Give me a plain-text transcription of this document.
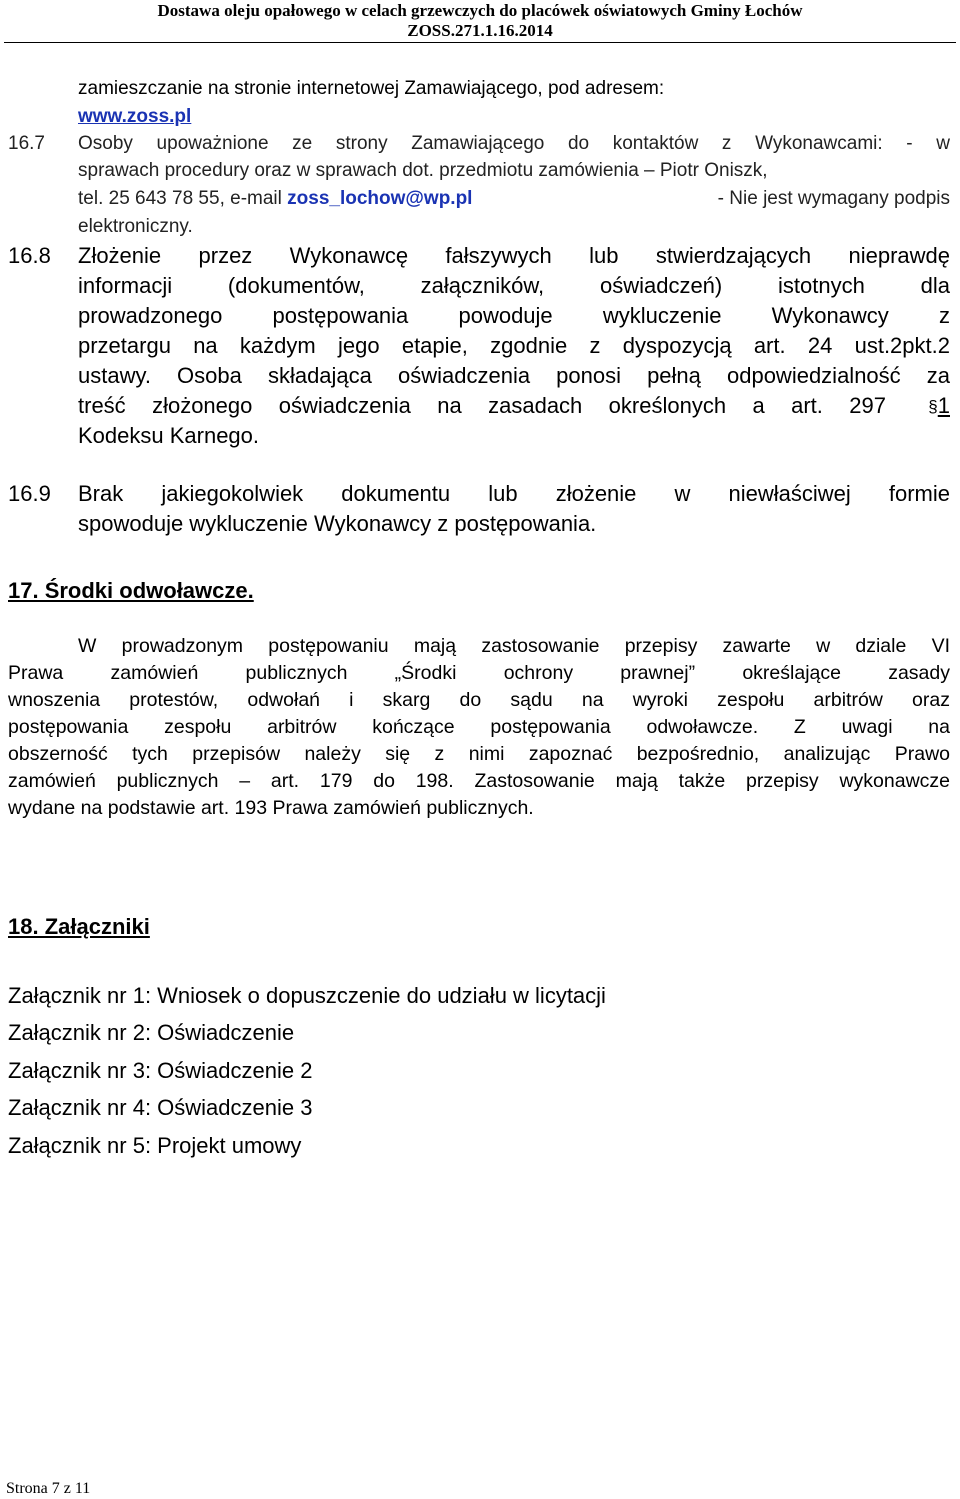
Dostawa oleju opałowego w celach grzewczych do placówek oświatowych Gminy Łochów
ZOSS.271.1.16.2014
zamieszczanie na stronie internetowej Zamawiającego, pod adresem:
www.zoss.pl
16.7 Osoby upoważnione ze strony Zamawiającego do kontaktów z Wykonawcami: - w
sprawach procedury oraz w sprawach dot. przedmiotu zamówienia – Piotr Oniszk,
tel. 25 643 78 55, e-mail zoss_lochow@wp.pl	- Nie jest wymagany podpis
elektroniczny.
16.8 Złożenie przez Wykonawcę fałszywych lub stwierdzających nieprawdę
informacji (dokumentów, załączników, oświadczeń) istotnych dla
prowadzonego postępowania powoduje wykluczenie Wykonawcy z
przetargu na każdym jego etapie, zgodnie z dyspozycją art. 24 ust.2pkt.2
ustawy. Osoba składająca oświadczenia ponosi pełną odpowiedzialność za
treść złożonego oświadczenia na zasadach określonych a art. 297 §1
Kodeksu Karnego.
16.9 Brak jakiegokolwiek dokumentu lub złożenie w niewłaściwej formie
spowoduje wykluczenie Wykonawcy z postępowania.
17. Środki odwoławcze.
W prowadzonym postępowaniu mają zastosowanie przepisy zawarte w dziale VI
Prawa zamówień publicznych „Środki ochrony prawnej” określające zasady
wnoszenia protestów, odwołań i skarg do sądu na wyroki zespołu arbitrów oraz
postępowania zespołu arbitrów kończące postępowania odwoławcze. Z uwagi na
obszerność tych przepisów należy się z nimi zapoznać bezpośrednio, analizując Prawo
zamówień publicznych – art. 179 do 198. Zastosowanie mają także przepisy wykonawcze
wydane na podstawie art. 193 Prawa zamówień publicznych.
18. Załączniki
Załącznik nr 1: Wniosek o dopuszczenie do udziału w licytacji
Załącznik nr 2: Oświadczenie
Załącznik nr 3: Oświadczenie 2
Załącznik nr 4: Oświadczenie 3
Załącznik nr 5: Projekt umowy
Strona 7 z 11
